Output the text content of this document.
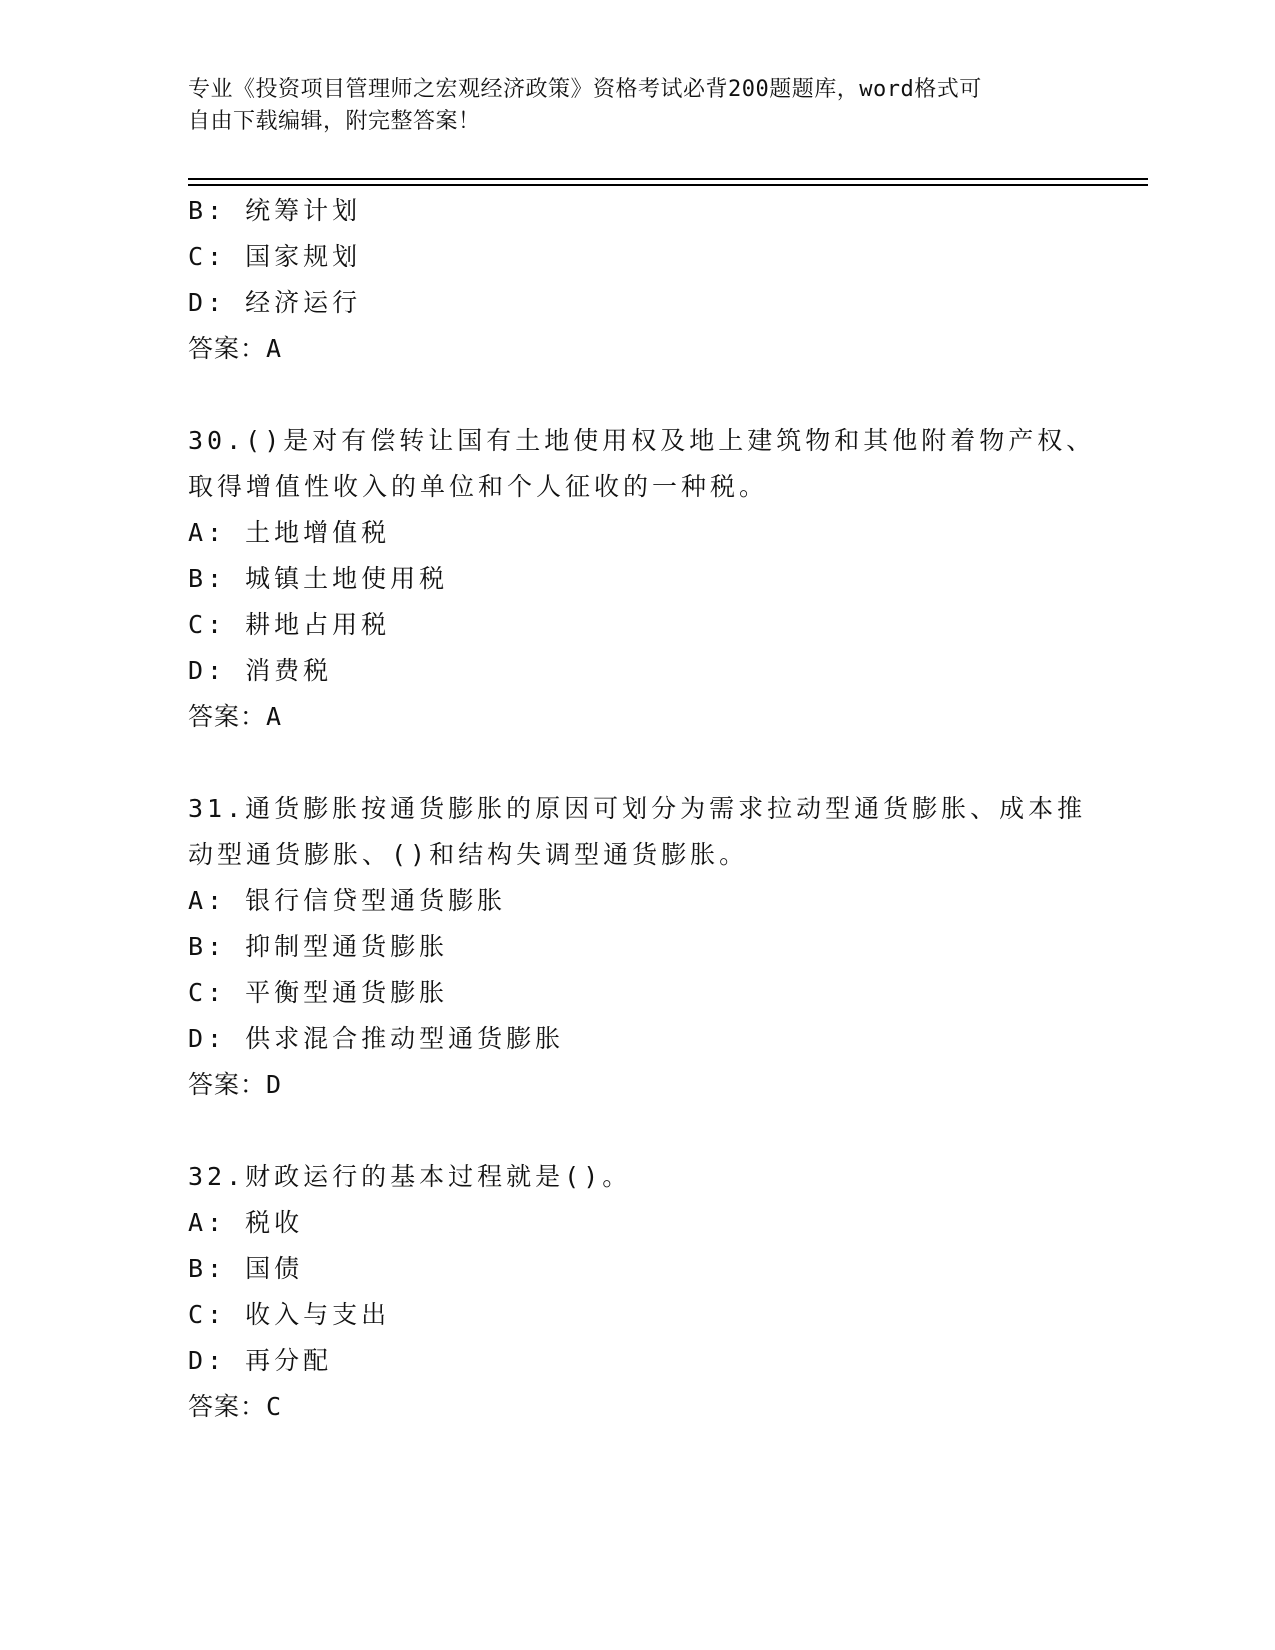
专业《投资项目管理师之宏观经济政策》资格考试必背200题题库，word格式可
自由下载编辑，附完整答案！
B: 统筹计划
C: 国家规划
D: 经济运行
答案：A
30.()是对有偿转让国有土地使用权及地上建筑物和其他附着物产权、
取得增值性收入的单位和个人征收的一种税。
A: 土地增值税
B: 城镇土地使用税
C: 耕地占用税
D: 消费税
答案：A
31.通货膨胀按通货膨胀的原因可划分为需求拉动型通货膨胀、成本推
动型通货膨胀、()和结构失调型通货膨胀。
A: 银行信贷型通货膨胀
B: 抑制型通货膨胀
C: 平衡型通货膨胀
D: 供求混合推动型通货膨胀
答案：D
32.财政运行的基本过程就是()。
A: 税收
B: 国债
C: 收入与支出
D: 再分配
答案：C
